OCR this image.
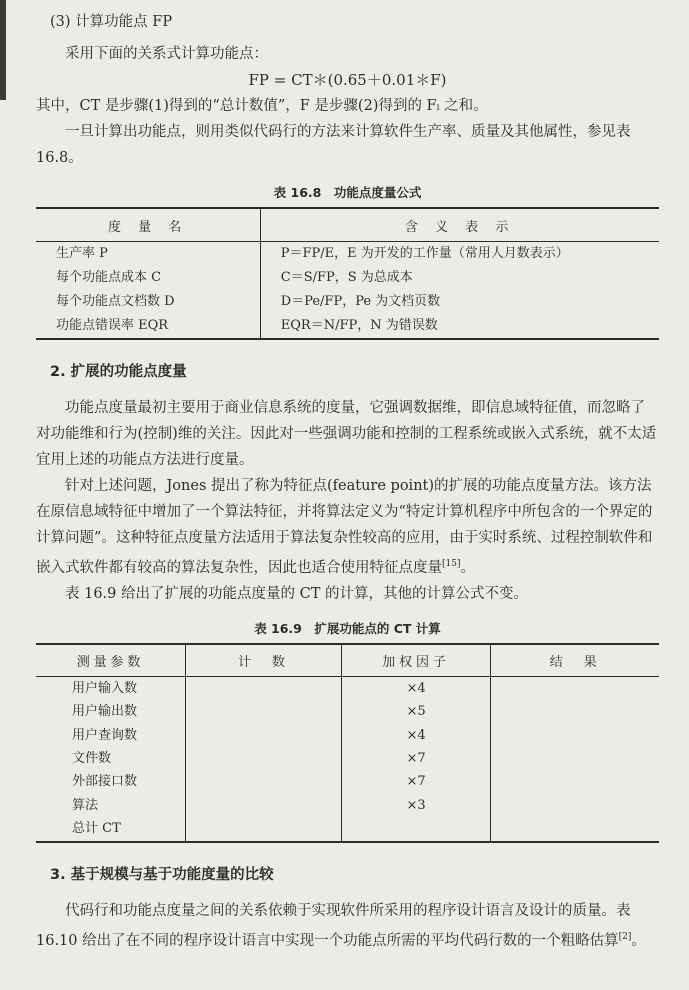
(3) 计算功能点 FP

采用下面的关系式计算功能点：

FP = CT＊(0.65＋0.01＊F)

其中，CT 是步骤(1)得到的“总计数值”，F 是步骤(2)得到的 Fᵢ 之和。

一旦计算出功能点，则用类似代码行的方法来计算软件生产率、质量及其他属性，参见表 16.8。

表 16.8　功能点度量公式
度 量 名	含 义 表 示
生产率 P	P＝FP/E，E 为开发的工作量（常用人月数表示）
每个功能点成本 C	C＝S/FP，S 为总成本
每个功能点文档数 D	D＝Pe/FP，Pe 为文档页数
功能点错误率 EQR	EQR＝N/FP，N 为错误数
2. 扩展的功能点度量

功能点度量最初主要用于商业信息系统的度量，它强调数据维，即信息域特征值，而忽略了对功能维和行为(控制)维的关注。因此对一些强调功能和控制的工程系统或嵌入式系统，就不太适宜用上述的功能点方法进行度量。

针对上述问题，Jones 提出了称为特征点(feature point)的扩展的功能点度量方法。该方法在原信息域特征中增加了一个算法特征，并将算法定义为“特定计算机程序中所包含的一个界定的计算问题”。这种特征点度量方法适用于算法复杂性较高的应用，由于实时系统、过程控制软件和嵌入式软件都有较高的算法复杂性，因此也适合使用特征点度量[15]。

表 16.9 给出了扩展的功能点度量的 CT 的计算，其他的计算公式不变。

表 16.9　扩展功能点的 CT 计算
测量参数	计　数	加权因子	结　果
用户输入数		×4	
用户输出数		×5	
用户查询数		×4	
文件数		×7	
外部接口数		×7	
算法		×3	
总计 CT			
3. 基于规模与基于功能度量的比较

代码行和功能点度量之间的关系依赖于实现软件所采用的程序设计语言及设计的质量。表 16.10 给出了在不同的程序设计语言中实现一个功能点所需的平均代码行数的一个粗略估算[2]。
